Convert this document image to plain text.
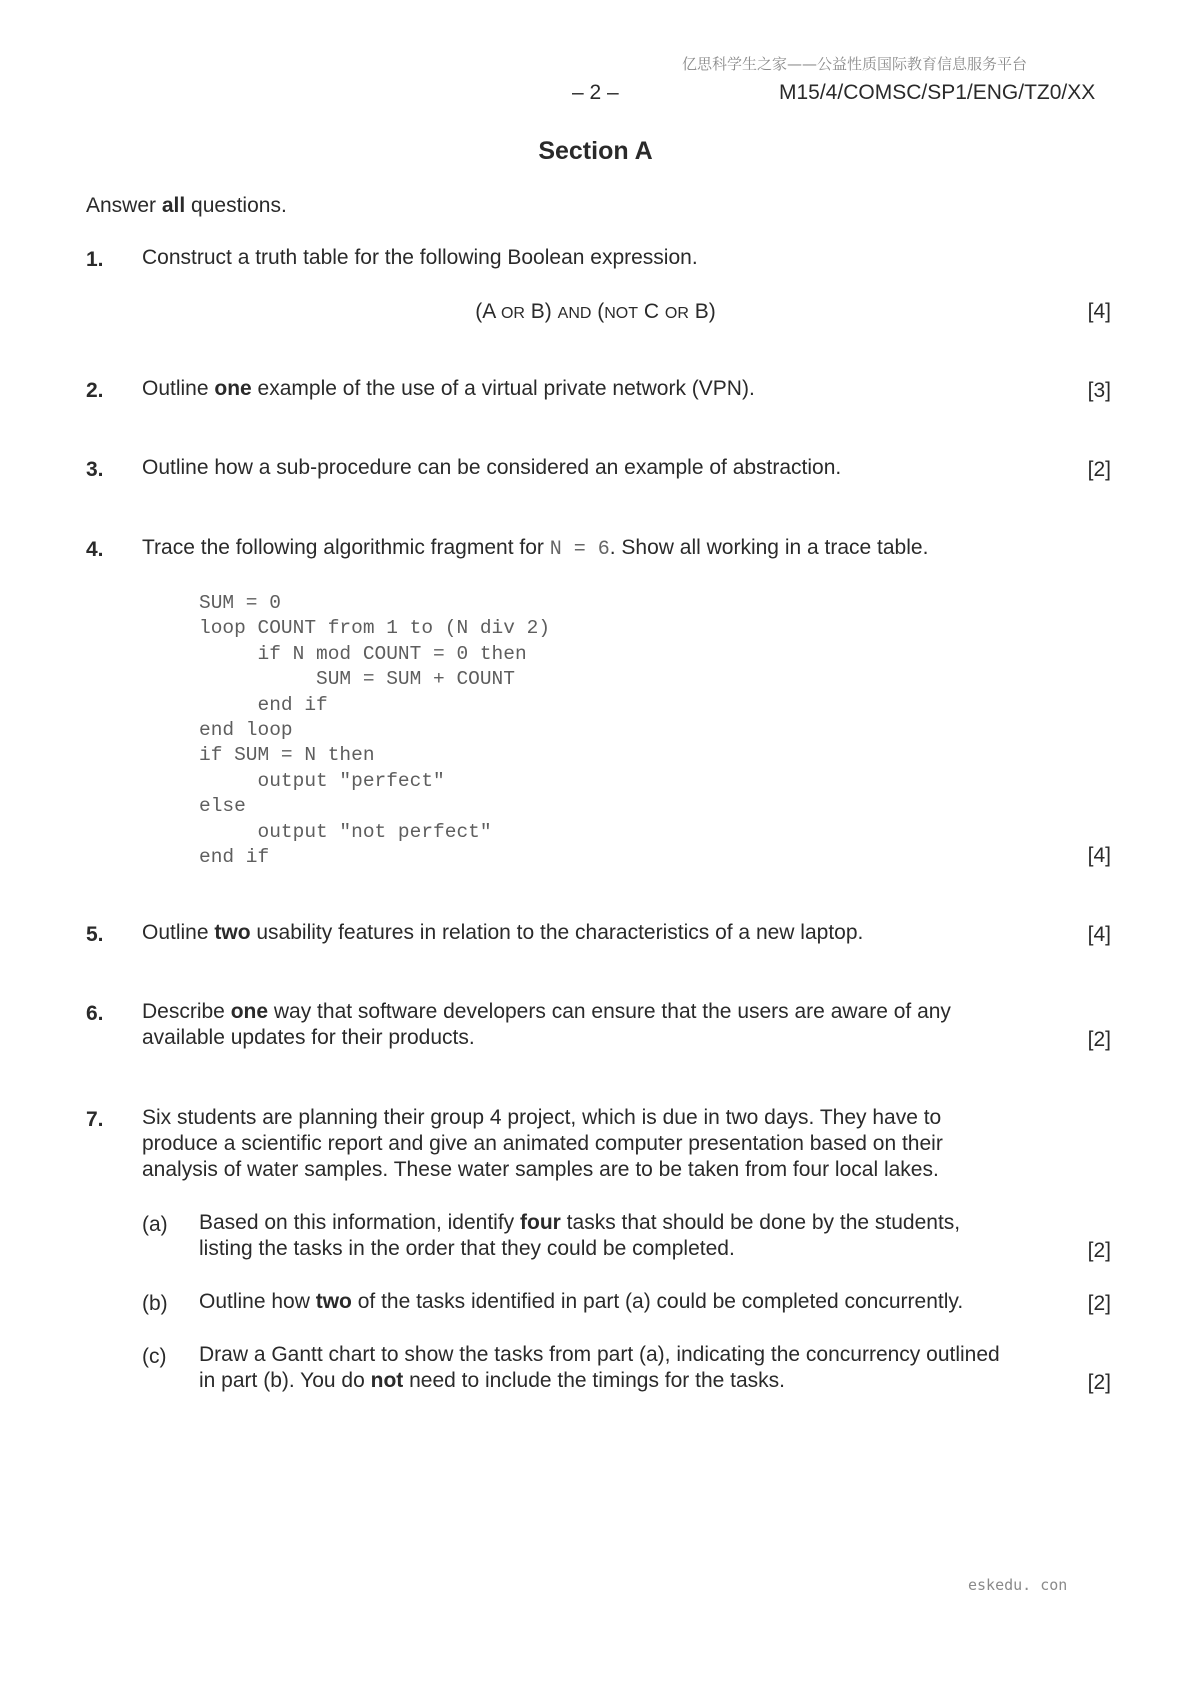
亿思科学生之家——公益性质国际教育信息服务平台
– 2 –	M15/4/COMSC/SP1/ENG/TZ0/XX
Section A
Answer all questions.
1. Construct a truth table for the following Boolean expression.
(A OR B) AND (NOT C OR B)	[4]
2. Outline one example of the use of a virtual private network (VPN).	[3]
3. Outline how a sub-procedure can be considered an example of abstraction.	[2]
4. Trace the following algorithmic fragment for N = 6. Show all working in a trace table.
SUM = 0
loop COUNT from 1 to (N div 2)
if N mod COUNT = 0 then
SUM = SUM + COUNT
end if
end loop
if SUM = N then
output "perfect"
else
output "not perfect"
end if	[4]
5. Outline two usability features in relation to the characteristics of a new laptop.	[4]
6. Describe one way that software developers can ensure that the users are aware of any
available updates for their products.	[2]
7. Six students are planning their group 4 project, which is due in two days. They have to
produce a scientific report and give an animated computer presentation based on their
analysis of water samples. These water samples are to be taken from four local lakes.
(a) Based on this information, identify four tasks that should be done by the students,
listing the tasks in the order that they could be completed.	[2]
(b) Outline how two of the tasks identified in part (a) could be completed concurrently.	[2]
(c) Draw a Gantt chart to show the tasks from part (a), indicating the concurrency outlined
in part (b). You do not need to include the timings for the tasks.	[2]
eskedu. con
